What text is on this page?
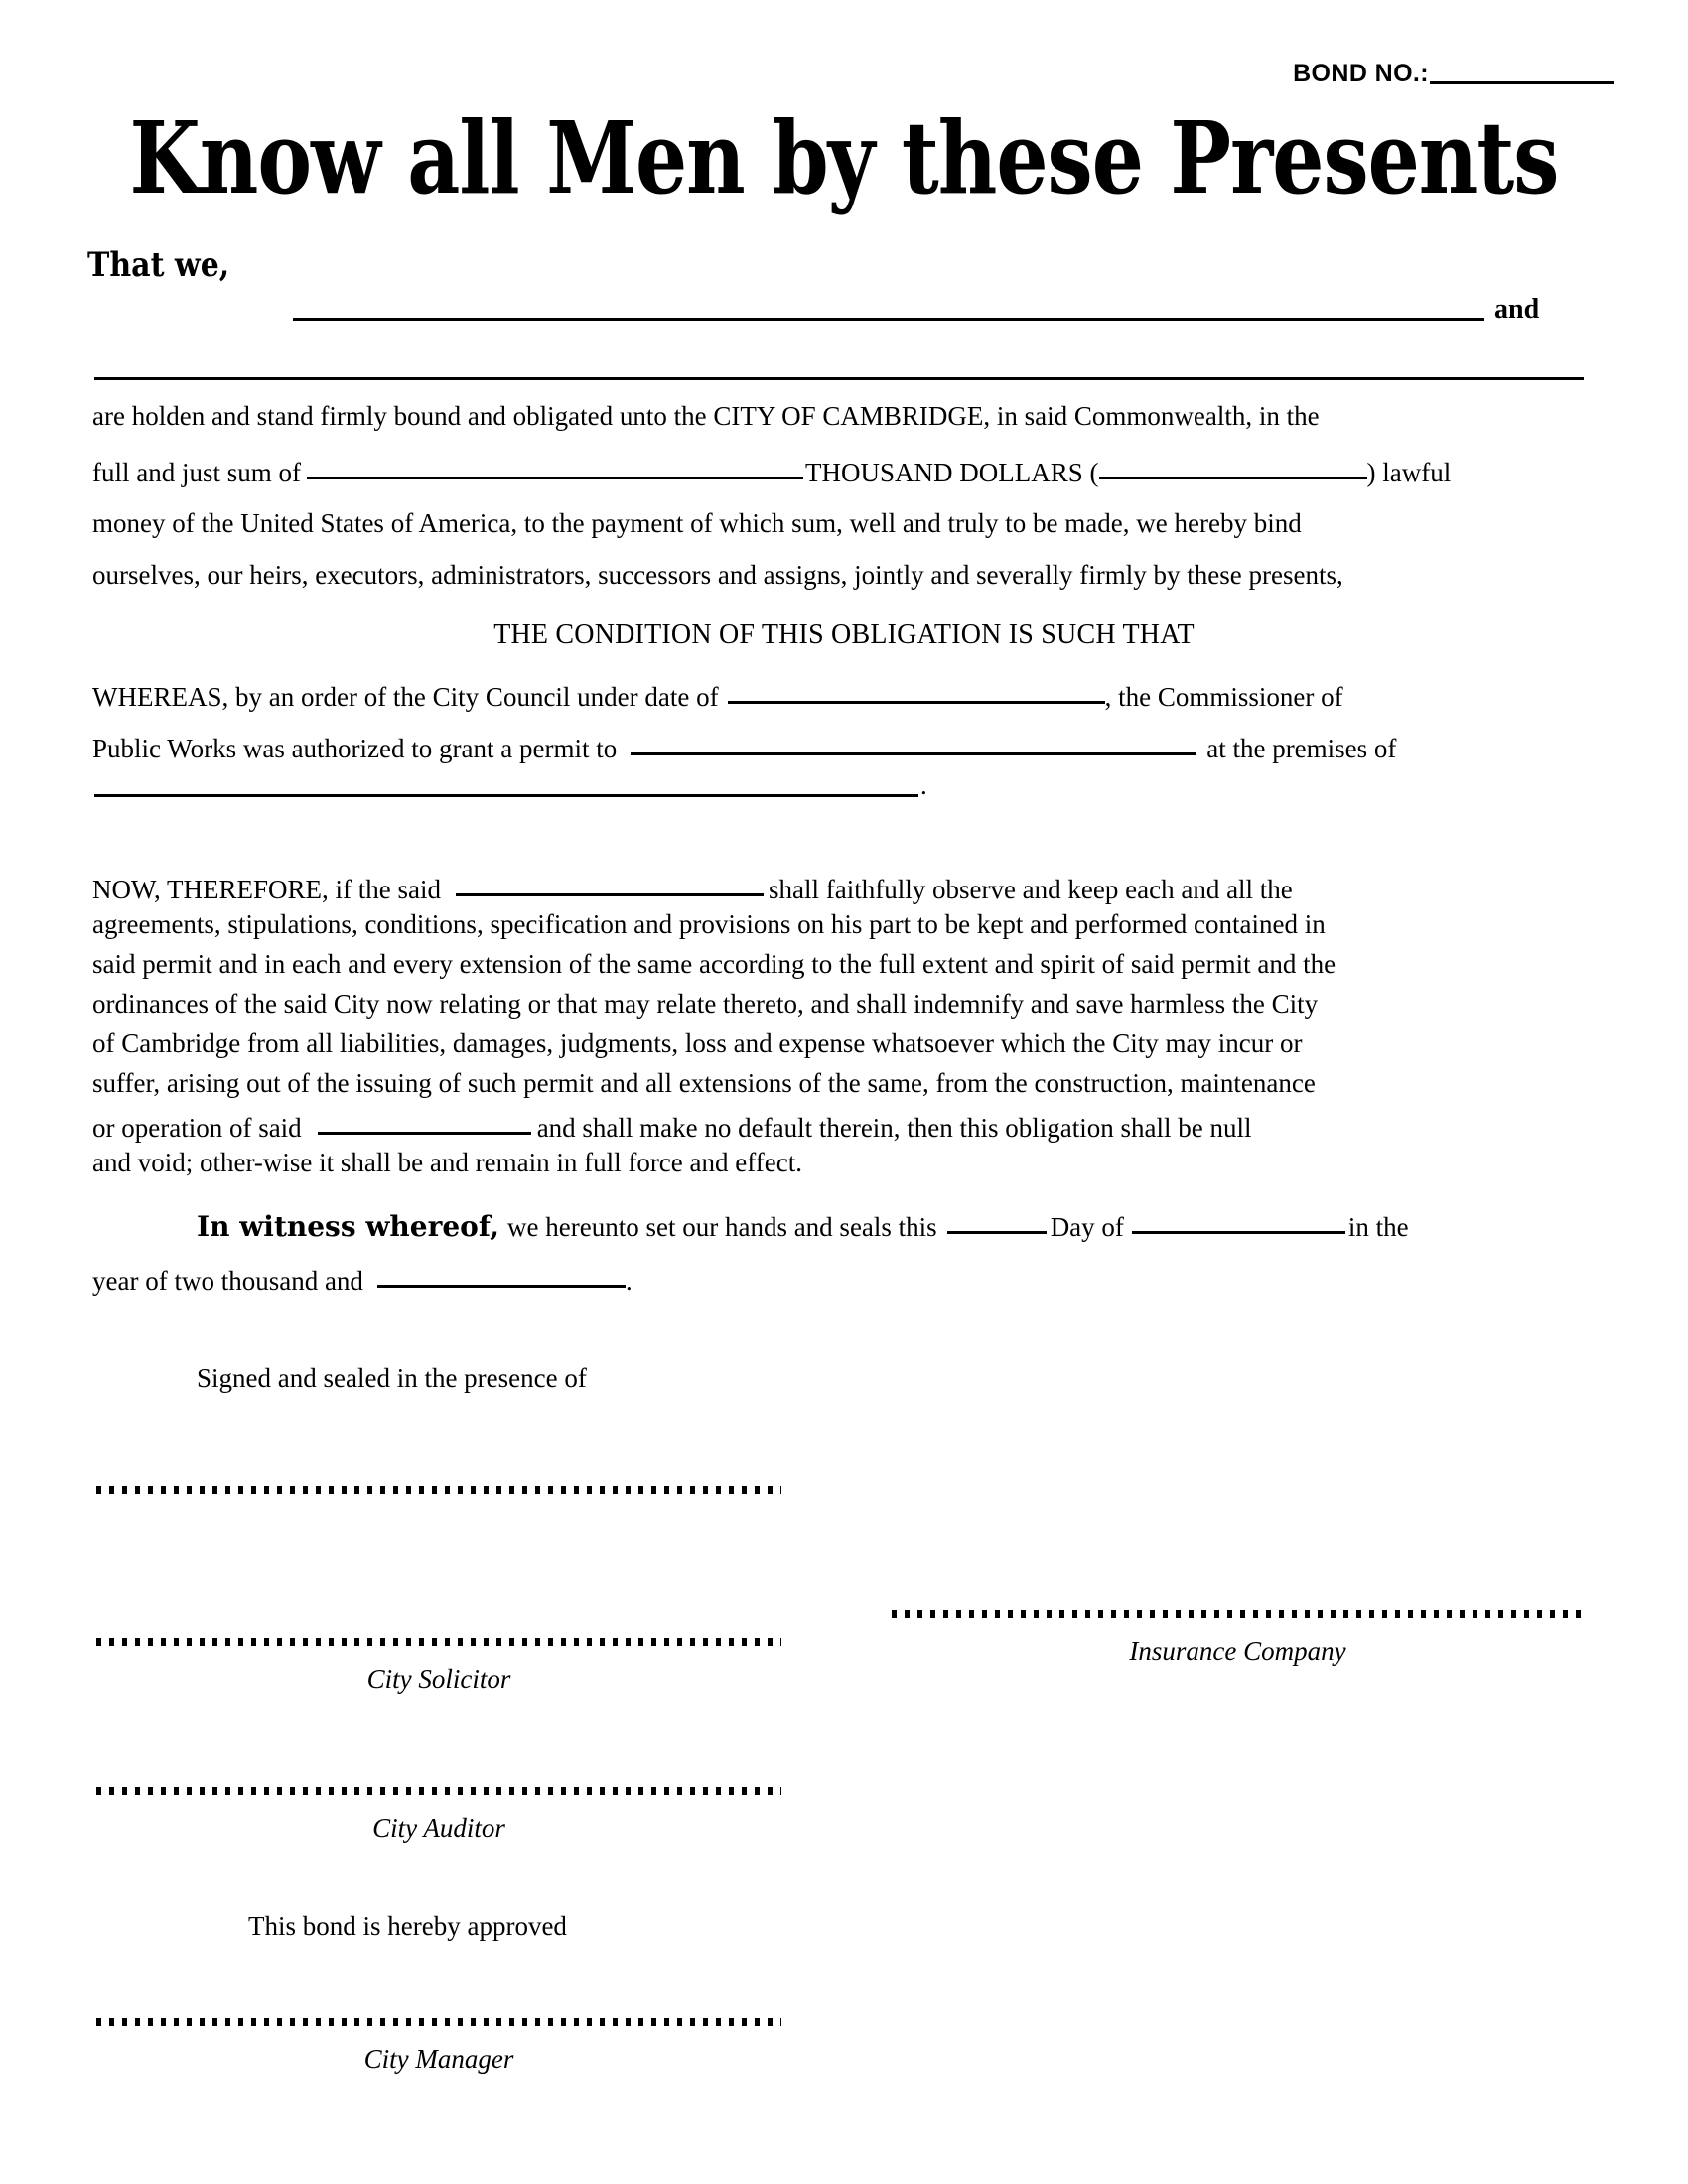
BOND NO.:
Know all Men by these Presents
That we,
and
are holden and stand firmly bound and obligated unto the CITY OF CAMBRIDGE, in said Commonwealth, in the
full and just sum of	THOUSAND DOLLARS (	) lawful
money of the United States of America, to the payment of which sum, well and truly to be made, we hereby bind
ourselves, our heirs, executors, administrators, successors and assigns, jointly and severally firmly by these presents,
THE CONDITION OF THIS OBLIGATION IS SUCH THAT
WHEREAS, by an order of the City Council under date of	, the Commissioner of
Public Works was authorized to grant a permit to	at the premises of
.
NOW, THEREFORE, if the said	shall faithfully observe and keep each and all the
agreements, stipulations, conditions, specification and provisions on his part to be kept and performed contained in
said permit and in each and every extension of the same according to the full extent and spirit of said permit and the
ordinances of the said City now relating or that may relate thereto, and shall indemnify and save harmless the City
of Cambridge from all liabilities, damages, judgments, loss and expense whatsoever which the City may incur or
suffer, arising out of the issuing of such permit and all extensions of the same, from the construction, maintenance
or operation of said	and shall make no default therein, then this obligation shall be null
and void; other-wise it shall be and remain in full force and effect.
In witness whereof, we hereunto set our hands and seals this	Day of	in the
year of two thousand and	.
Signed and sealed in the presence of
Insurance Company
City Solicitor
City Auditor
This bond is hereby approved
City Manager
